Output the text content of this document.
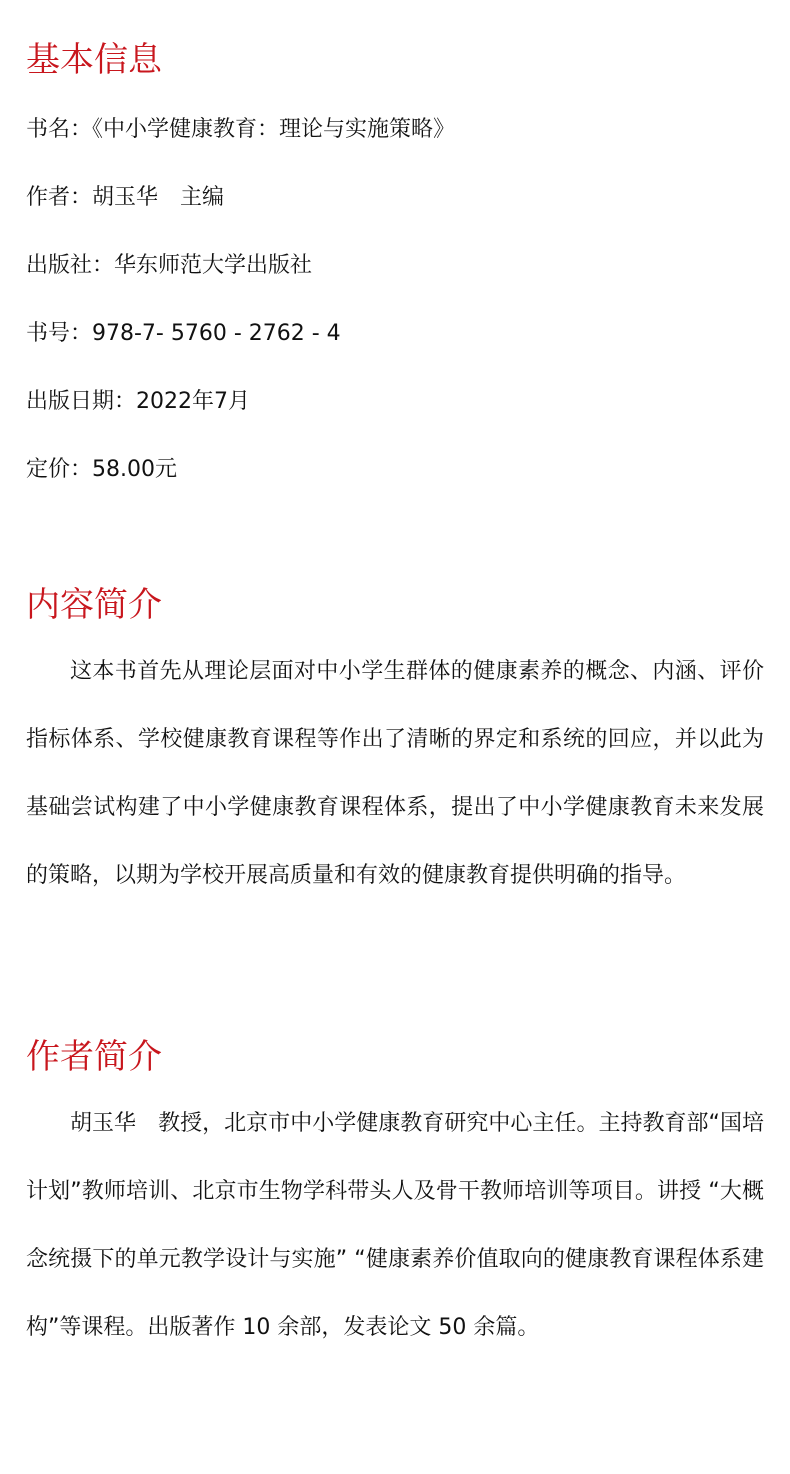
基本信息
书名：《中小学健康教育：理论与实施策略》
作者：胡玉华　主编
出版社：华东师范大学出版社
书号：978-7- 5760 - 2762 - 4
出版日期：2022年7月
定价：58.00元
内容简介

这本书首先从理论层面对中小学生群体的健康素养的概念、内涵、评价指标体系、学校健康教育课程等作出了清晰的界定和系统的回应，并以此为基础尝试构建了中小学健康教育课程体系，提出了中小学健康教育未来发展的策略，以期为学校开展高质量和有效的健康教育提供明确的指导。

作者简介

胡玉华　教授，北京市中小学健康教育研究中心主任。主持教育部“国培计划”教师培训、北京市生物学科带头人及骨干教师培训等项目。讲授 “大概念统摄下的单元教学设计与实施” “健康素养价值取向的健康教育课程体系建构”等课程。出版著作 10 余部，发表论文 50 余篇。
